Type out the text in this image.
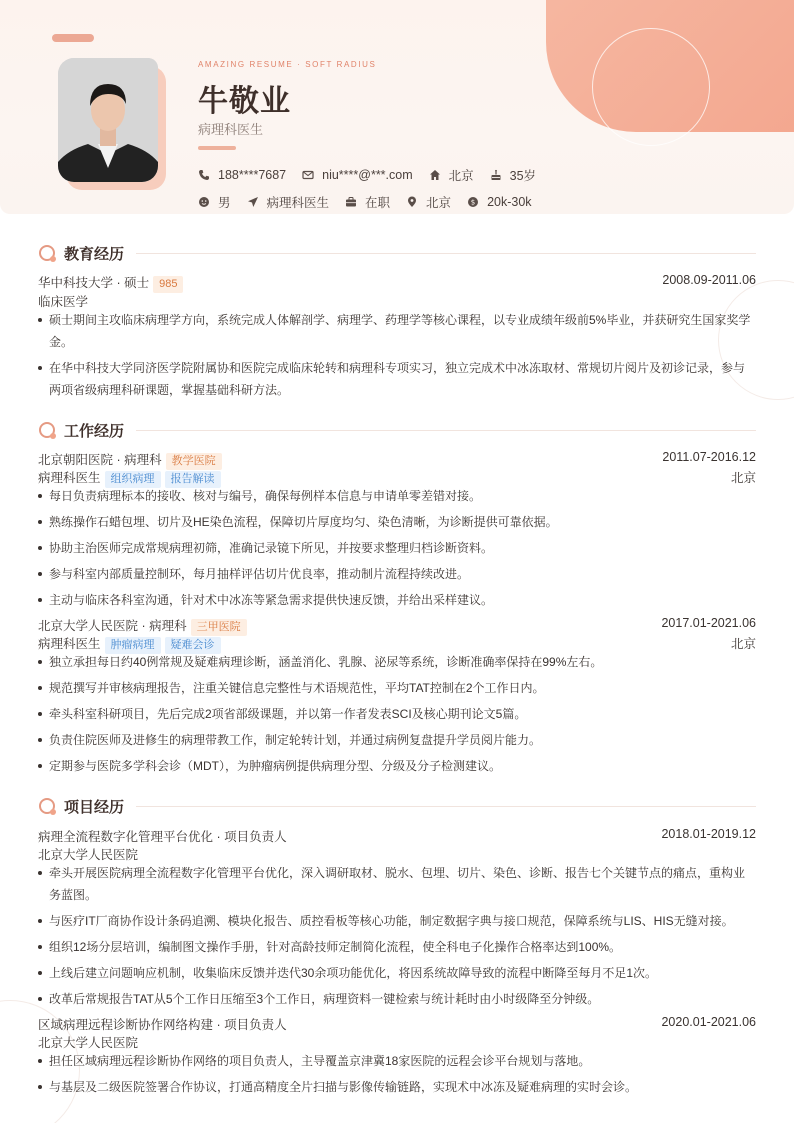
AMAZING RESUME · SOFT RADIUS
牛敬业
病理科医生
188****7687	niu****@***.com	北京	35岁
男	病理科医生	在职	北京	$ 20k-30k
教育经历
华中科技大学 · 硕士 985	2008.09-2011.06
临床医学
硕士期间主攻临床病理学方向，系统完成人体解剖学、病理学、药理学等核心课程，以专业成绩年级前5%毕业，并获研究生国家奖学金。
在华中科技大学同济医学院附属协和医院完成临床轮转和病理科专项实习，独立完成术中冰冻取材、常规切片阅片及初诊记录，参与两项省级病理科研课题，掌握基础科研方法。
工作经历
北京朝阳医院 · 病理科 教学医院	2011.07-2016.12
病理科医生 组织病理 报告解读	北京
每日负责病理标本的接收、核对与编号，确保每例样本信息与申请单零差错对接。
熟练操作石蜡包埋、切片及HE染色流程，保障切片厚度均匀、染色清晰，为诊断提供可靠依据。
协助主治医师完成常规病理初筛，准确记录镜下所见，并按要求整理归档诊断资料。
参与科室内部质量控制环，每月抽样评估切片优良率，推动制片流程持续改进。
主动与临床各科室沟通，针对术中冰冻等紧急需求提供快速反馈，并给出采样建议。
北京大学人民医院 · 病理科 三甲医院	2017.01-2021.06
病理科医生 肿瘤病理 疑难会诊	北京
独立承担每日约40例常规及疑难病理诊断，涵盖消化、乳腺、泌尿等系统，诊断准确率保持在99%左右。
规范撰写并审核病理报告，注重关键信息完整性与术语规范性，平均TAT控制在2个工作日内。
牵头科室科研项目，先后完成2项省部级课题，并以第一作者发表SCI及核心期刊论文5篇。
负责住院医师及进修生的病理带教工作，制定轮转计划，并通过病例复盘提升学员阅片能力。
定期参与医院多学科会诊（MDT），为肿瘤病例提供病理分型、分级及分子检测建议。
项目经历
病理全流程数字化管理平台优化 · 项目负责人	2018.01-2019.12
北京大学人民医院
牵头开展医院病理全流程数字化管理平台优化，深入调研取材、脱水、包埋、切片、染色、诊断、报告七个关键节点的痛点，重构业务蓝图。
与医疗IT厂商协作设计条码追溯、模块化报告、质控看板等核心功能，制定数据字典与接口规范，保障系统与LIS、HIS无缝对接。
组织12场分层培训，编制图文操作手册，针对高龄技师定制简化流程，使全科电子化操作合格率达到100%。
上线后建立问题响应机制，收集临床反馈并迭代30余项功能优化，将因系统故障导致的流程中断降至每月不足1次。
改革后常规报告TAT从5个工作日压缩至3个工作日，病理资料一键检索与统计耗时由小时级降至分钟级。
区域病理远程诊断协作网络构建 · 项目负责人	2020.01-2021.06
北京大学人民医院
担任区域病理远程诊断协作网络的项目负责人，主导覆盖京津冀18家医院的远程会诊平台规划与落地。
与基层及二级医院签署合作协议，打通高精度全片扫描与影像传输链路，实现术中冰冻及疑难病理的实时会诊。
